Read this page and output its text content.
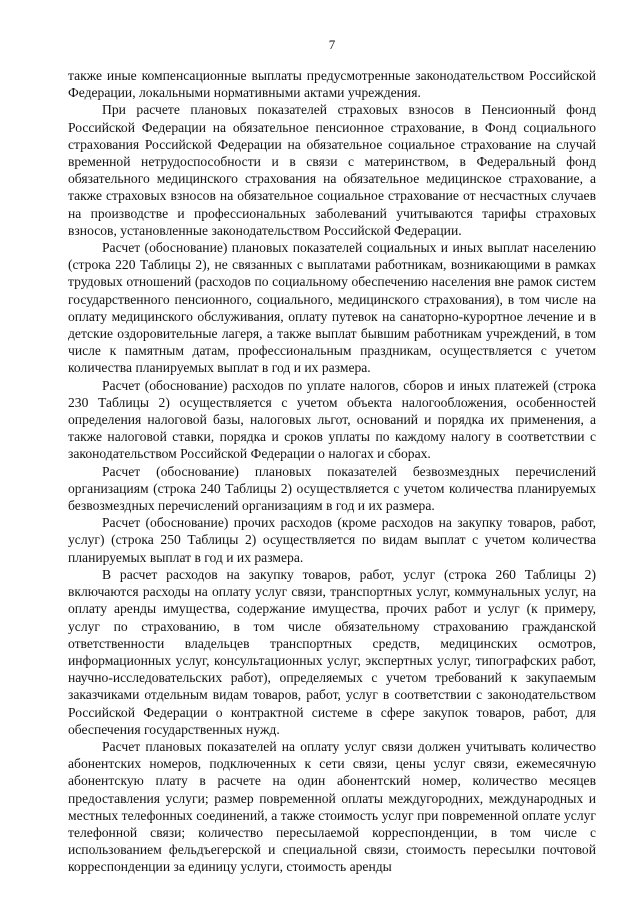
7

также иные компенсационные выплаты предусмотренные законодательством Российской Федерации, локальными нормативными актами учреждения.

При расчете плановых показателей страховых взносов в Пенсионный фонд Российской Федерации на обязательное пенсионное страхование, в Фонд социального страхования Российской Федерации на обязательное социальное страхование на случай временной нетрудоспособности и в связи с материнством, в Федеральный фонд обязательного медицинского страхования на обязательное медицинское страхование, а также страховых взносов на обязательное социальное страхование от несчастных случаев на производстве и профессиональных заболеваний учитываются тарифы страховых взносов, установленные законодательством Российской Федерации.

Расчет (обоснование) плановых показателей социальных и иных выплат населению (строка 220 Таблицы 2), не связанных с выплатами работникам, возникающими в рамках трудовых отношений (расходов по социальному обеспечению населения вне рамок систем государственного пенсионного, социального, медицинского страхования), в том числе на оплату медицинского обслуживания, оплату путевок на санаторно-курортное лечение и в детские оздоровительные лагеря, а также выплат бывшим работникам учреждений, в том числе к памятным датам, профессиональным праздникам, осуществляется с учетом количества планируемых выплат в год и их размера.

Расчет (обоснование) расходов по уплате налогов, сборов и иных платежей (строка 230 Таблицы 2) осуществляется с учетом объекта налогообложения, особенностей определения налоговой базы, налоговых льгот, оснований и порядка их применения, а также налоговой ставки, порядка и сроков уплаты по каждому налогу в соответствии с законодательством Российской Федерации о налогах и сборах.

Расчет (обоснование) плановых показателей безвозмездных перечислений организациям (строка 240 Таблицы 2) осуществляется с учетом количества планируемых безвозмездных перечислений организациям в год и их размера.

Расчет (обоснование) прочих расходов (кроме расходов на закупку товаров, работ, услуг) (строка 250 Таблицы 2) осуществляется по видам выплат с учетом количества планируемых выплат в год и их размера.

В расчет расходов на закупку товаров, работ, услуг (строка 260 Таблицы 2) включаются расходы на оплату услуг связи, транспортных услуг, коммунальных услуг, на оплату аренды имущества, содержание имущества, прочих работ и услуг (к примеру, услуг по страхованию, в том числе обязательному страхованию гражданской ответственности владельцев транспортных средств, медицинских осмотров, информационных услуг, консультационных услуг, экспертных услуг, типографских работ, научно-исследовательских работ), определяемых с учетом требований к закупаемым заказчиками отдельным видам товаров, работ, услуг в соответствии с законодательством Российской Федерации о контрактной системе в сфере закупок товаров, работ, для обеспечения государственных нужд.

Расчет плановых показателей на оплату услуг связи должен учитывать количество абонентских номеров, подключенных к сети связи, цены услуг связи, ежемесячную абонентскую плату в расчете на один абонентский номер, количество месяцев предоставления услуги; размер повременной оплаты междугородних, международных и местных телефонных соединений, а также стоимость услуг при повременной оплате услуг телефонной связи; количество пересылаемой корреспонденции, в том числе с использованием фельдъегерской и специальной связи, стоимость пересылки почтовой корреспонденции за единицу услуги, стоимость аренды
